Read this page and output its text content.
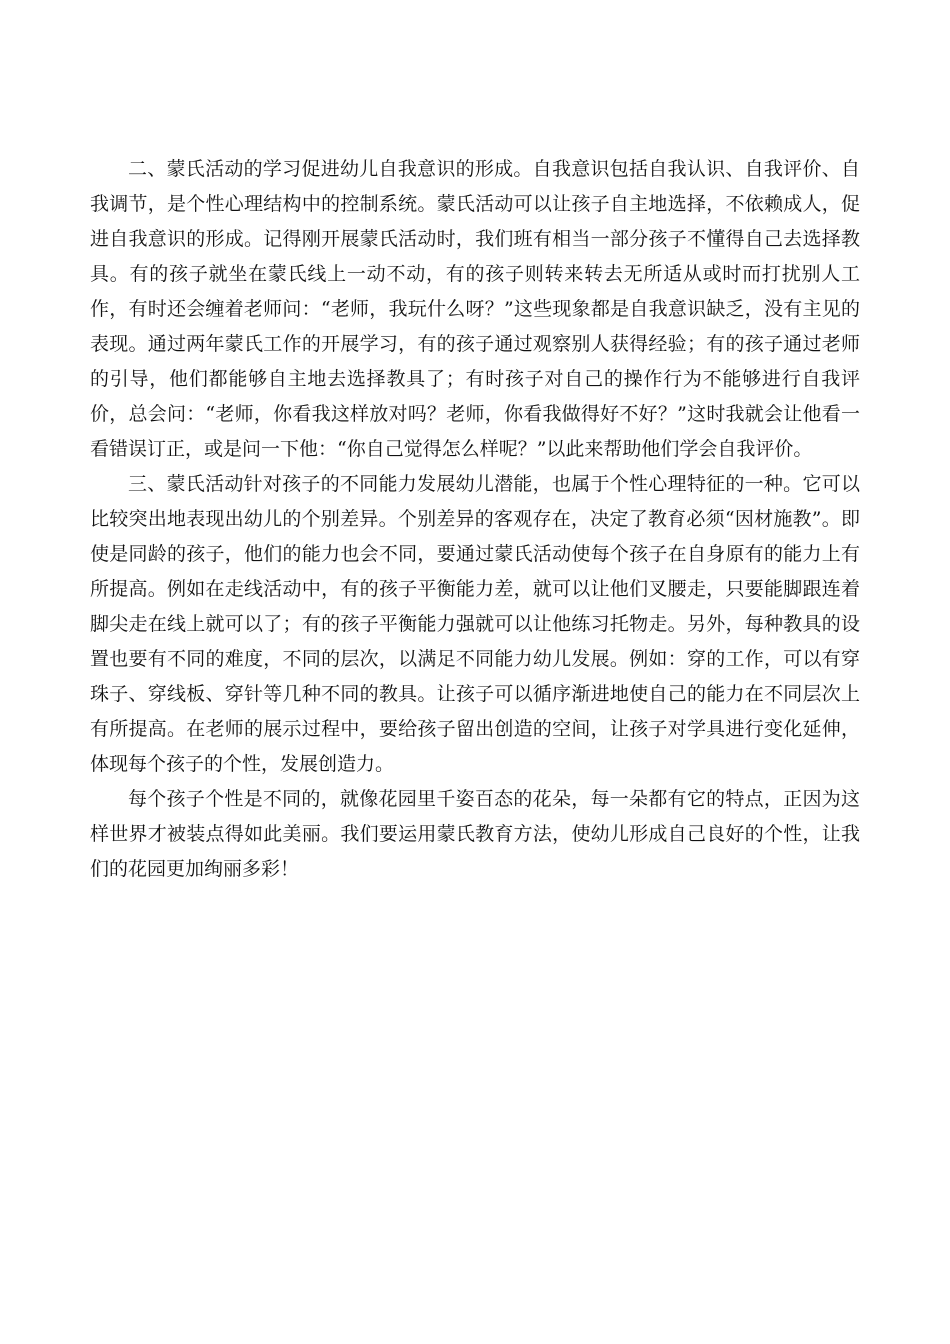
二、蒙氏活动的学习促进幼儿自我意识的形成。自我意识包括自我认识、自我评价、自我调节，是个性心理结构中的控制系统。蒙氏活动可以让孩子自主地选择，不依赖成人，促进自我意识的形成。记得刚开展蒙氏活动时，我们班有相当一部分孩子不懂得自己去选择教具。有的孩子就坐在蒙氏线上一动不动，有的孩子则转来转去无所适从或时而打扰别人工作，有时还会缠着老师问：“老师，我玩什么呀？”这些现象都是自我意识缺乏，没有主见的表现。通过两年蒙氏工作的开展学习，有的孩子通过观察别人获得经验；有的孩子通过老师的引导，他们都能够自主地去选择教具了；有时孩子对自己的操作行为不能够进行自我评价，总会问：“老师，你看我这样放对吗？老师，你看我做得好不好？”这时我就会让他看一看错误订正，或是问一下他：“你自己觉得怎么样呢？”以此来帮助他们学会自我评价。

三、蒙氏活动针对孩子的不同能力发展幼儿潜能，也属于个性心理特征的一种。它可以比较突出地表现出幼儿的个别差异。个别差异的客观存在，决定了教育必须“因材施教”。即使是同龄的孩子，他们的能力也会不同，要通过蒙氏活动使每个孩子在自身原有的能力上有所提高。例如在走线活动中，有的孩子平衡能力差，就可以让他们叉腰走，只要能脚跟连着脚尖走在线上就可以了；有的孩子平衡能力强就可以让他练习托物走。另外，每种教具的设置也要有不同的难度，不同的层次，以满足不同能力幼儿发展。例如：穿的工作，可以有穿珠子、穿线板、穿针等几种不同的教具。让孩子可以循序渐进地使自己的能力在不同层次上有所提高。在老师的展示过程中，要给孩子留出创造的空间，让孩子对学具进行变化延伸，体现每个孩子的个性，发展创造力。

每个孩子个性是不同的，就像花园里千姿百态的花朵，每一朵都有它的特点，正因为这样世界才被装点得如此美丽。我们要运用蒙氏教育方法，使幼儿形成自己良好的个性，让我们的花园更加绚丽多彩！
